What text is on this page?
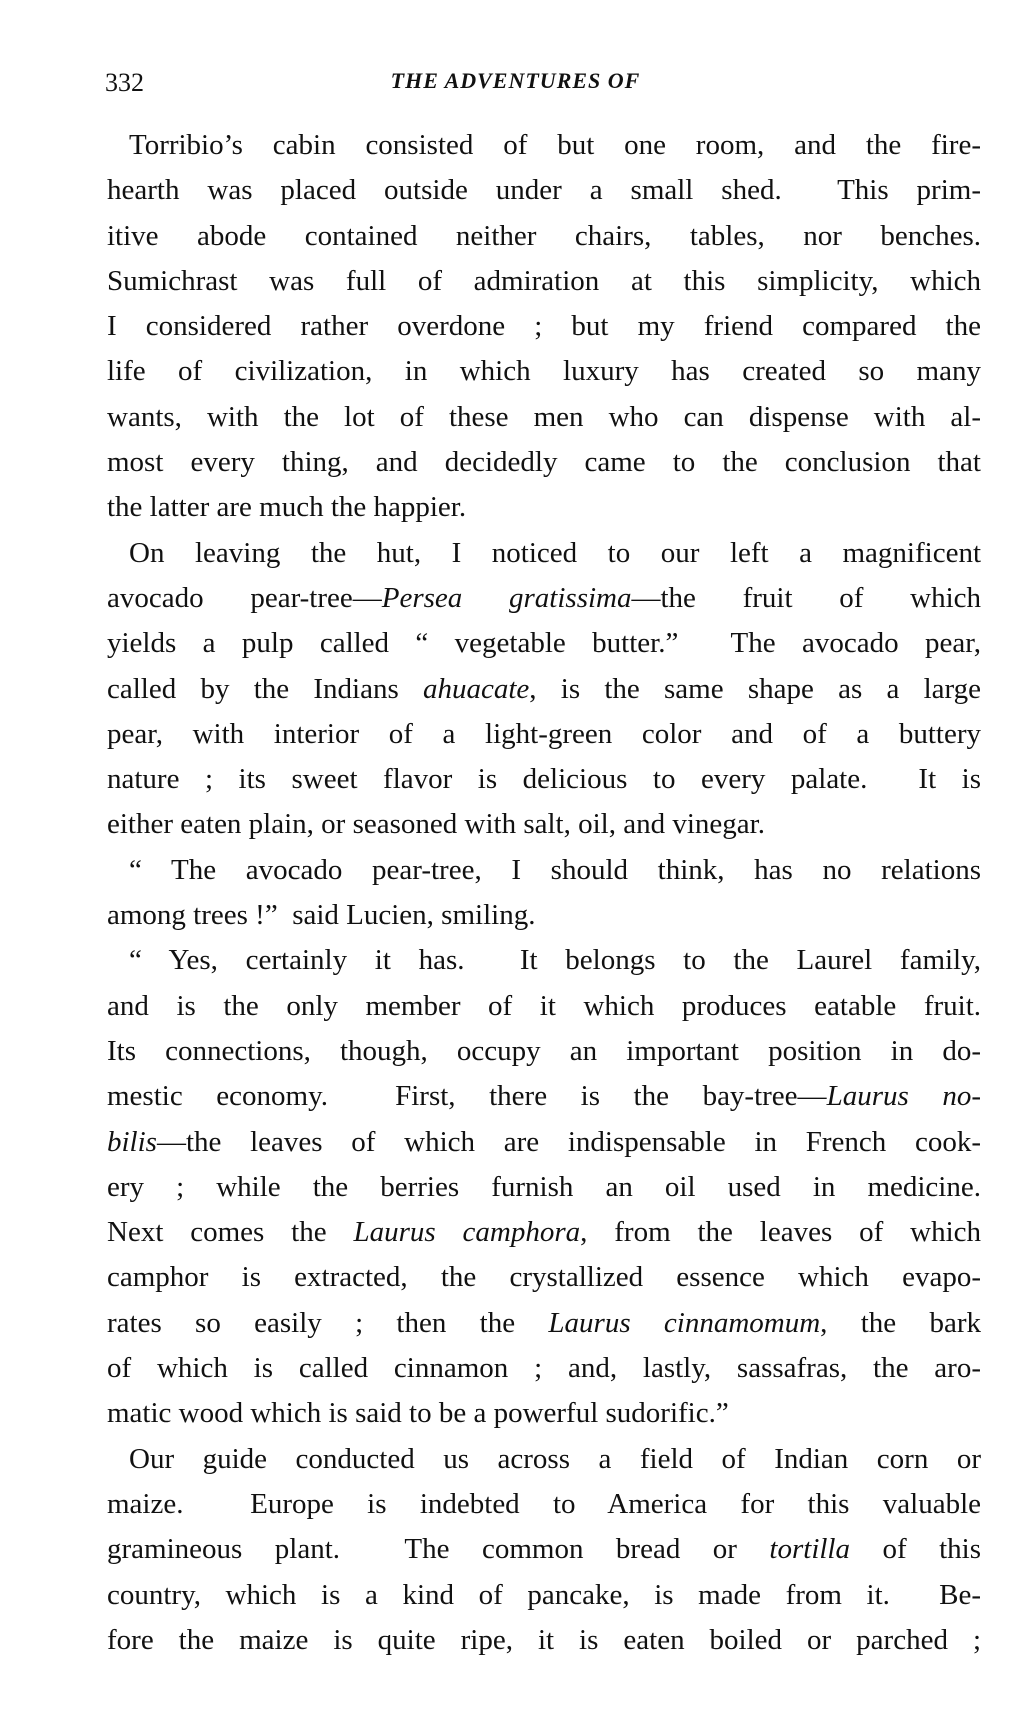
332	THE ADVENTURES OF
Torribio’s cabin consisted of but one room, and the fire-
hearth was placed outside under a small shed.  This prim-
itive abode contained neither chairs, tables, nor benches.
Sumichrast was full of admiration at this simplicity, which
I considered rather overdone ; but my friend compared the
life of civilization, in which luxury has created so many
wants, with the lot of these men who can dispense with al-
most every thing, and decidedly came to the conclusion that
the latter are much the happier.
On leaving the hut, I noticed to our left a magnificent
avocado pear-tree—Persea gratissima—the fruit of which
yields a pulp called “ vegetable butter.”  The avocado pear,
called by the Indians ahuacate, is the same shape as a large
pear, with interior of a light-green color and of a buttery
nature ; its sweet flavor is delicious to every palate.  It is
either eaten plain, or seasoned with salt, oil, and vinegar.
“ The avocado pear-tree, I should think, has no relations
among trees !”  said Lucien, smiling.
“ Yes, certainly it has.  It belongs to the Laurel family,
and is the only member of it which produces eatable fruit.
Its connections, though, occupy an important position in do-
mestic economy.  First, there is the bay-tree—Laurus no-
bilis—the leaves of which are indispensable in French cook-
ery ; while the berries furnish an oil used in medicine.
Next comes the Laurus camphora, from the leaves of which
camphor is extracted, the crystallized essence which evapo-
rates so easily ; then the Laurus cinnamomum, the bark
of which is called cinnamon ; and, lastly, sassafras, the aro-
matic wood which is said to be a powerful sudorific.”
Our guide conducted us across a field of Indian corn or
maize.  Europe is indebted to America for this valuable
gramineous plant.  The common bread or tortilla of this
country, which is a kind of pancake, is made from it.  Be-
fore the maize is quite ripe, it is eaten boiled or parched ;
